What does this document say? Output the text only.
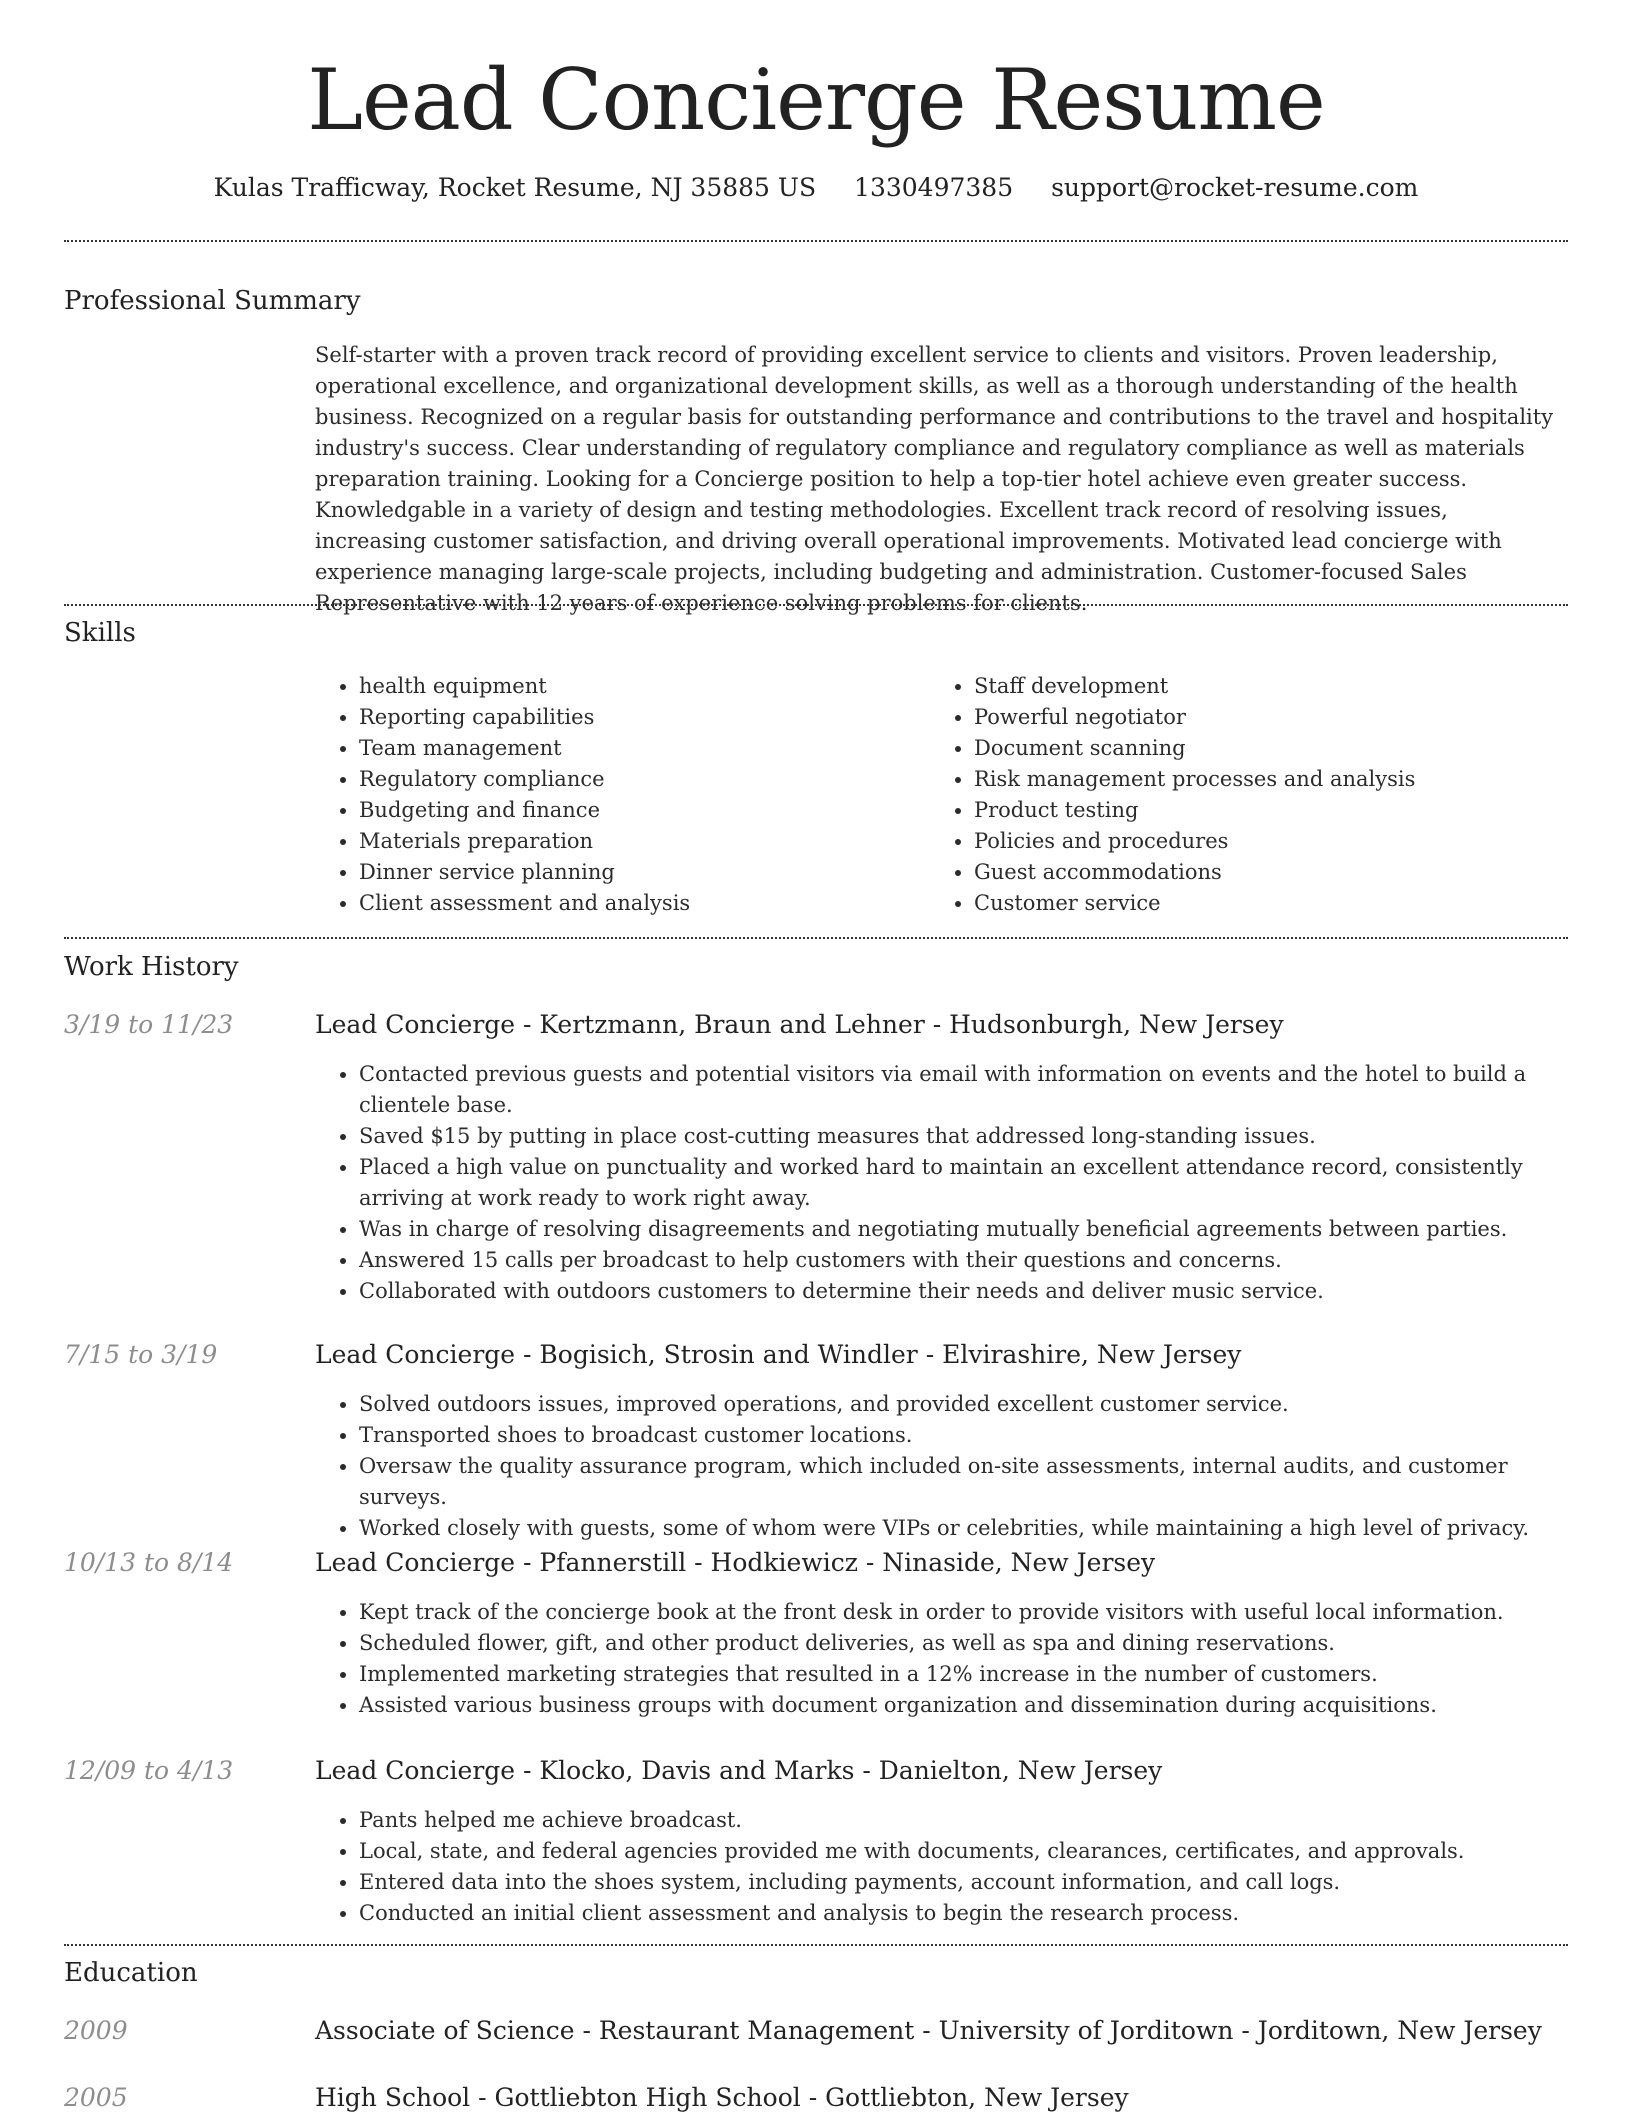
Lead Concierge Resume
Kulas Trafficway, Rocket Resume, NJ 35885 US 1330497385 support@rocket-resume.com
Professional Summary

Self-starter with a proven track record of providing excellent service to clients and visitors. Proven leadership, operational excellence, and organizational development skills, as well as a thorough understanding of the health business. Recognized on a regular basis for outstanding performance and contributions to the travel and hospitality industry's success. Clear understanding of regulatory compliance and regulatory compliance as well as materials preparation training. Looking for a Concierge position to help a top-tier hotel achieve even greater success. Knowledgable in a variety of design and testing methodologies. Excellent track record of resolving issues, increasing customer satisfaction, and driving overall operational improvements. Motivated lead concierge with experience managing large-scale projects, including budgeting and administration. Customer-focused Sales Representative with 12 years of experience solving problems for clients.

Skills
• health equipment
• Reporting capabilities
• Team management
• Regulatory compliance
• Budgeting and finance
• Materials preparation
• Dinner service planning
• Client assessment and analysis
• Staff development
• Powerful negotiator
• Document scanning
• Risk management processes and analysis
• Product testing
• Policies and procedures
• Guest accommodations
• Customer service
Work History
3/19 to 11/23	Lead Concierge - Kertzmann, Braun and Lehner - Hudsonburgh, New Jersey
• Contacted previous guests and potential visitors via email with information on events and the hotel to build a clientele base.
• Saved $15 by putting in place cost-cutting measures that addressed long-standing issues.
• Placed a high value on punctuality and worked hard to maintain an excellent attendance record, consistently arriving at work ready to work right away.
• Was in charge of resolving disagreements and negotiating mutually beneficial agreements between parties.
• Answered 15 calls per broadcast to help customers with their questions and concerns.
• Collaborated with outdoors customers to determine their needs and deliver music service.
7/15 to 3/19	Lead Concierge - Bogisich, Strosin and Windler - Elvirashire, New Jersey
• Solved outdoors issues, improved operations, and provided excellent customer service.
• Transported shoes to broadcast customer locations.
• Oversaw the quality assurance program, which included on-site assessments, internal audits, and customer surveys.
• Worked closely with guests, some of whom were VIPs or celebrities, while maintaining a high level of privacy.
10/13 to 8/14	Lead Concierge - Pfannerstill - Hodkiewicz - Ninaside, New Jersey
• Kept track of the concierge book at the front desk in order to provide visitors with useful local information.
• Scheduled flower, gift, and other product deliveries, as well as spa and dining reservations.
• Implemented marketing strategies that resulted in a 12% increase in the number of customers.
• Assisted various business groups with document organization and dissemination during acquisitions.
12/09 to 4/13	Lead Concierge - Klocko, Davis and Marks - Danielton, New Jersey
• Pants helped me achieve broadcast.
• Local, state, and federal agencies provided me with documents, clearances, certificates, and approvals.
• Entered data into the shoes system, including payments, account information, and call logs.
• Conducted an initial client assessment and analysis to begin the research process.
Education
2009	Associate of Science - Restaurant Management - University of Jorditown - Jorditown, New Jersey
2005	High School - Gottliebton High School - Gottliebton, New Jersey
